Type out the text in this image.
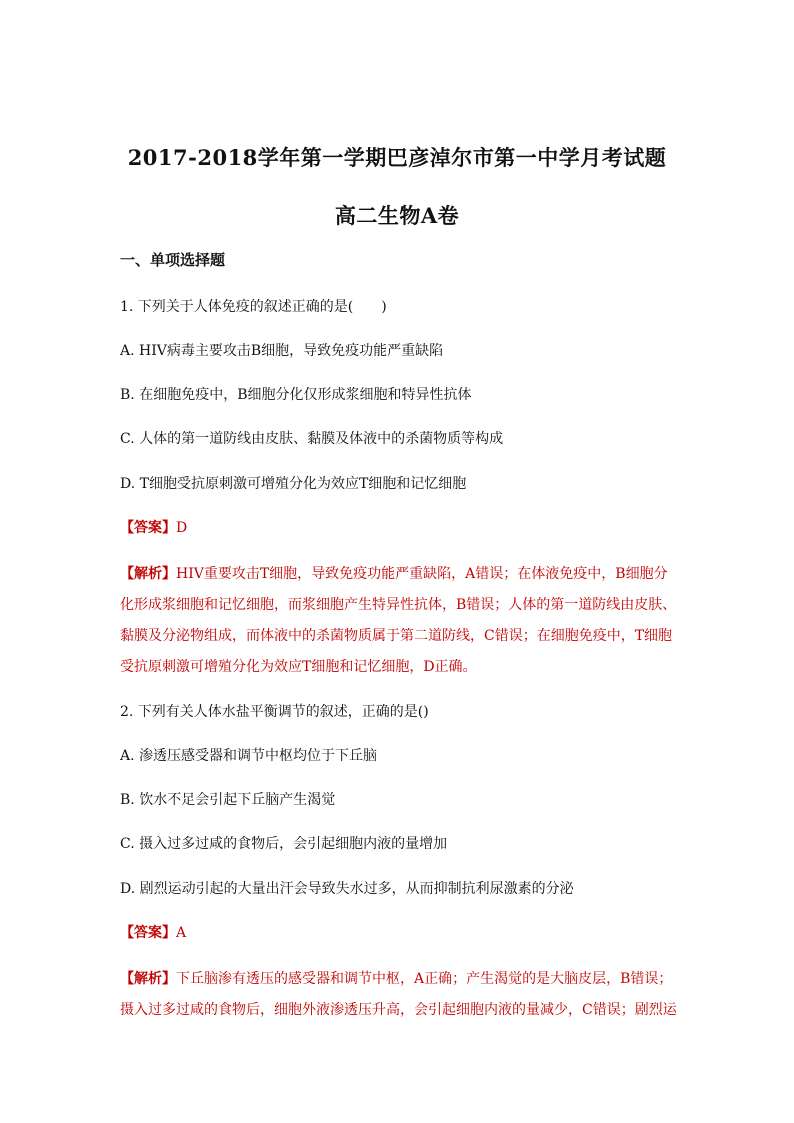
2017-2018学年第一学期巴彦淖尔市第一中学月考试题
高二生物A卷
一、单项选择题
1. 下列关于人体免疫的叙述正确的是(　　)
A. HIV病毒主要攻击B细胞，导致免疫功能严重缺陷
B. 在细胞免疫中，B细胞分化仅形成浆细胞和特异性抗体
C. 人体的第一道防线由皮肤、黏膜及体液中的杀菌物质等构成
D. T细胞受抗原刺激可增殖分化为效应T细胞和记忆细胞
【答案】D
【解析】HIV重要攻击T细胞，导致免疫功能严重缺陷，A错误；在体液免疫中，B细胞分
化形成浆细胞和记忆细胞，而浆细胞产生特异性抗体，B错误；人体的第一道防线由皮肤、
黏膜及分泌物组成，而体液中的杀菌物质属于第二道防线，C错误；在细胞免疫中，T细胞
受抗原刺激可增殖分化为效应T细胞和记忆细胞，D正确。
2. 下列有关人体水盐平衡调节的叙述，正确的是()
A. 渗透压感受器和调节中枢均位于下丘脑
B. 饮水不足会引起下丘脑产生渴觉
C. 摄入过多过咸的食物后，会引起细胞内液的量增加
D. 剧烈运动引起的大量出汗会导致失水过多，从而抑制抗利尿激素的分泌
【答案】A
【解析】下丘脑渗有透压的感受器和调节中枢，A正确；产生渴觉的是大脑皮层，B错误；
摄入过多过咸的食物后，细胞外液渗透压升高，会引起细胞内液的量减少，C错误；剧烈运
